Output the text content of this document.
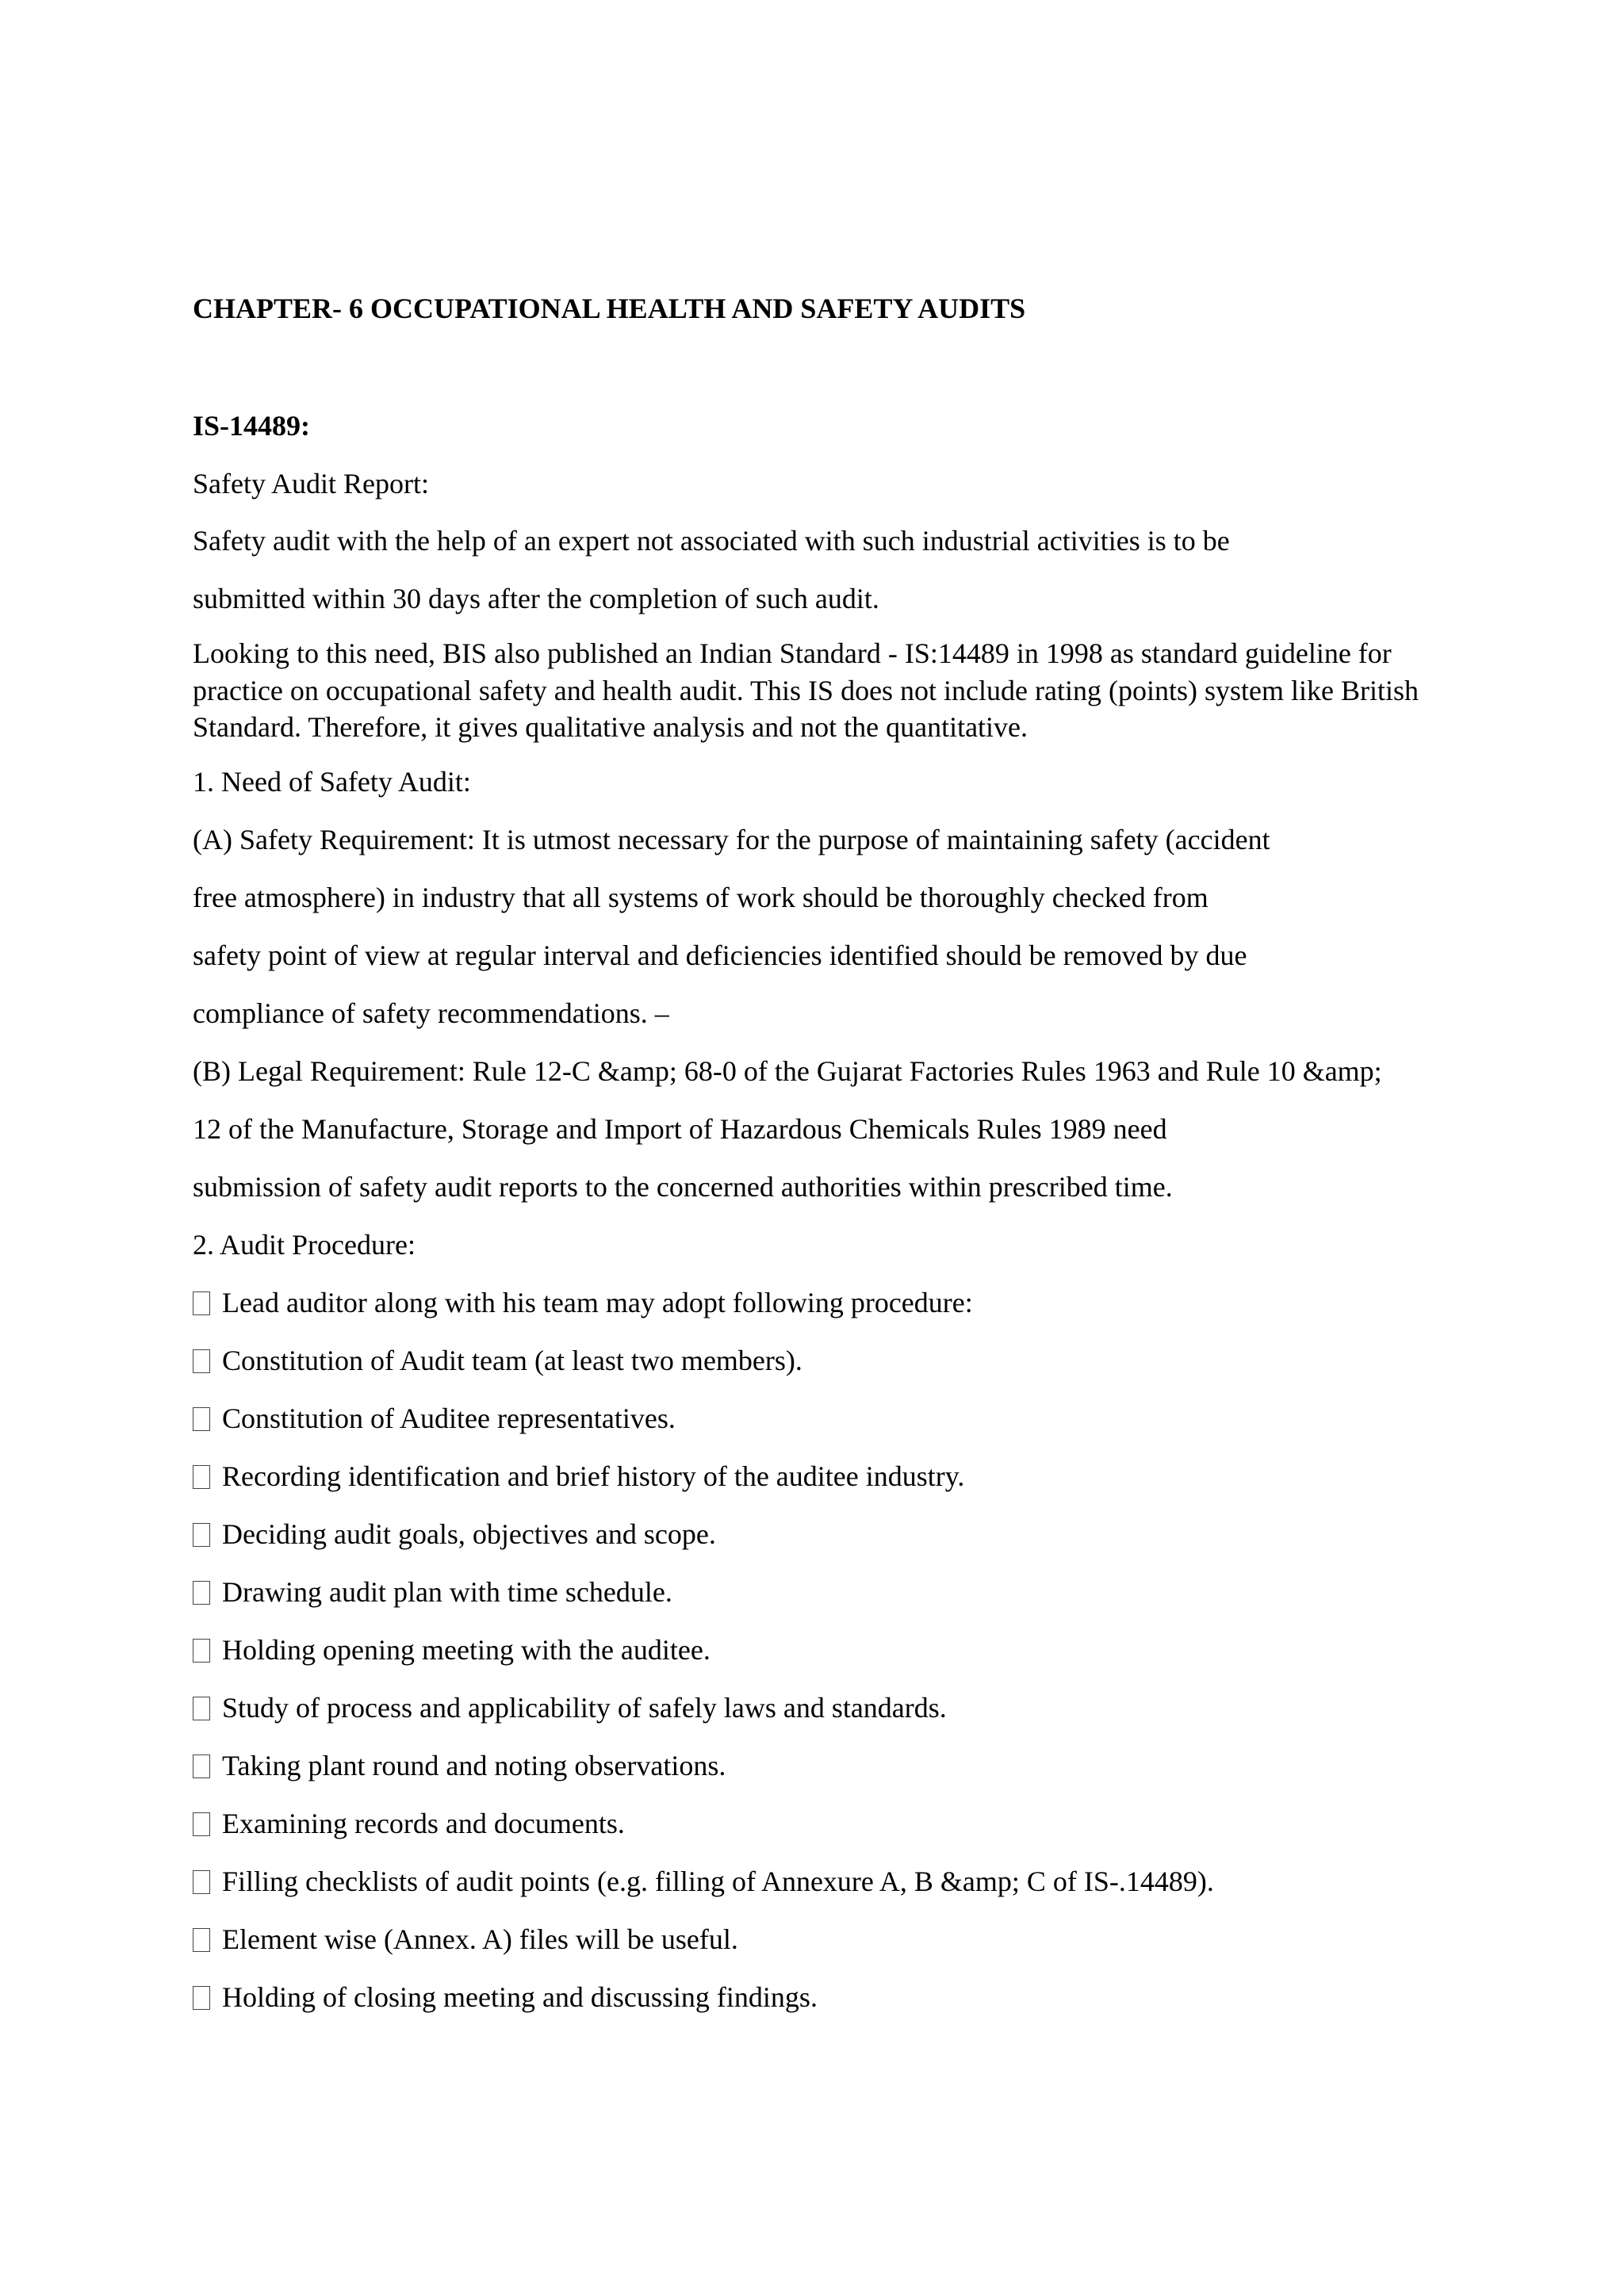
CHAPTER- 6 OCCUPATIONAL HEALTH AND SAFETY AUDITS
IS-14489:
Safety Audit Report:
Safety audit with the help of an expert not associated with such industrial activities is to be
submitted within 30 days after the completion of such audit.
Looking to this need, BIS also published an Indian Standard - IS:14489 in 1998 as standard guideline for practice on occupational safety and health audit. This IS does not include rating (points) system like British Standard. Therefore, it gives qualitative analysis and not the quantitative.
1. Need of Safety Audit:
(A) Safety Requirement: It is utmost necessary for the purpose of maintaining safety (accident
free atmosphere) in industry that all systems of work should be thoroughly checked from
safety point of view at regular interval and deficiencies identified should be removed by due
compliance of safety recommendations. –
(B) Legal Requirement: Rule 12-C &amp; 68-0 of the Gujarat Factories Rules 1963 and Rule 10 &amp;
12 of the Manufacture, Storage and Import of Hazardous Chemicals Rules 1989 need
submission of safety audit reports to the concerned authorities within prescribed time.
2. Audit Procedure:
Lead auditor along with his team may adopt following procedure:
Constitution of Audit team (at least two members).
Constitution of Auditee representatives.
Recording identification and brief history of the auditee industry.
Deciding audit goals, objectives and scope.
Drawing audit plan with time schedule.
Holding opening meeting with the auditee.
Study of process and applicability of safely laws and standards.
Taking plant round and noting observations.
Examining records and documents.
Filling checklists of audit points (e.g. filling of Annexure A, B &amp; C of IS-.14489).
Element wise (Annex. A) files will be useful.
Holding of closing meeting and discussing findings.
